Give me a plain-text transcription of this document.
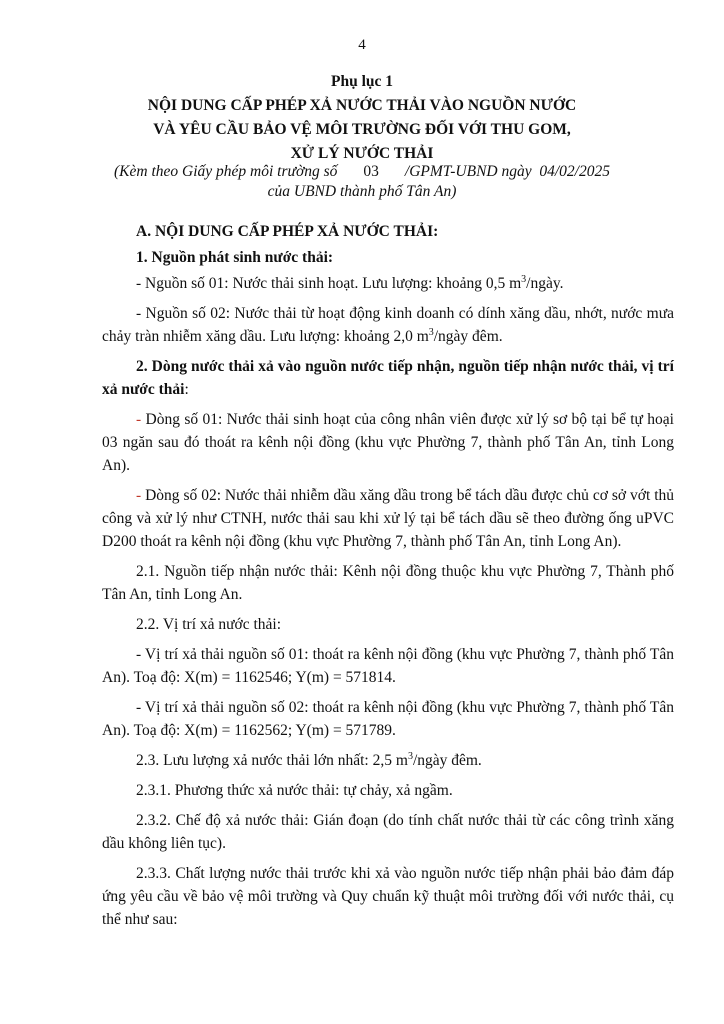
4
Phụ lục 1
NỘI DUNG CẤP PHÉP XẢ NƯỚC THẢI VÀO NGUỒN NƯỚC
VÀ YÊU CẦU BẢO VỆ MÔI TRƯỜNG ĐỐI VỚI THU GOM,
XỬ LÝ NƯỚC THẢI
(Kèm theo Giấy phép môi trường số 03 /GPMT-UBND ngày 04/02/2025
của UBND thành phố Tân An)

A. NỘI DUNG CẤP PHÉP XẢ NƯỚC THẢI:

1. Nguồn phát sinh nước thải:

- Nguồn số 01: Nước thải sinh hoạt. Lưu lượng: khoảng 0,5 $m^3$/ngày.

- Nguồn số 02: Nước thải từ hoạt động kinh doanh có dính xăng dầu, nhớt, nước mưa chảy tràn nhiễm xăng dầu. Lưu lượng: khoảng 2,0 $m^3$/ngày đêm.

2. Dòng nước thải xả vào nguồn nước tiếp nhận, nguồn tiếp nhận nước thải, vị trí xả nước thải:

- Dòng số 01: Nước thải sinh hoạt của công nhân viên được xử lý sơ bộ tại bể tự hoại 03 ngăn sau đó thoát ra kênh nội đồng (khu vực Phường 7, thành phố Tân An, tỉnh Long An).

- Dòng số 02: Nước thải nhiễm dầu xăng dầu trong bể tách dầu được chủ cơ sở vớt thủ công và xử lý như CTNH, nước thải sau khi xử lý tại bể tách dầu sẽ theo đường ống uPVC D200 thoát ra kênh nội đồng (khu vực Phường 7, thành phố Tân An, tỉnh Long An).

2.1. Nguồn tiếp nhận nước thải: Kênh nội đồng thuộc khu vực Phường 7, Thành phố Tân An, tỉnh Long An.

2.2. Vị trí xả nước thải:

- Vị trí xả thải nguồn số 01: thoát ra kênh nội đồng (khu vực Phường 7, thành phố Tân An). Toạ độ: X(m) = 1162546; Y(m) = 571814.

- Vị trí xả thải nguồn số 02: thoát ra kênh nội đồng (khu vực Phường 7, thành phố Tân An). Toạ độ: X(m) = 1162562; Y(m) = 571789.

2.3. Lưu lượng xả nước thải lớn nhất: 2,5 $m^3$/ngày đêm.

2.3.1. Phương thức xả nước thải: tự chảy, xả ngầm.

2.3.2. Chế độ xả nước thải: Gián đoạn (do tính chất nước thải từ các công trình xăng dầu không liên tục).

2.3.3. Chất lượng nước thải trước khi xả vào nguồn nước tiếp nhận phải bảo đảm đáp ứng yêu cầu về bảo vệ môi trường và Quy chuẩn kỹ thuật môi trường đối với nước thải, cụ thể như sau:
